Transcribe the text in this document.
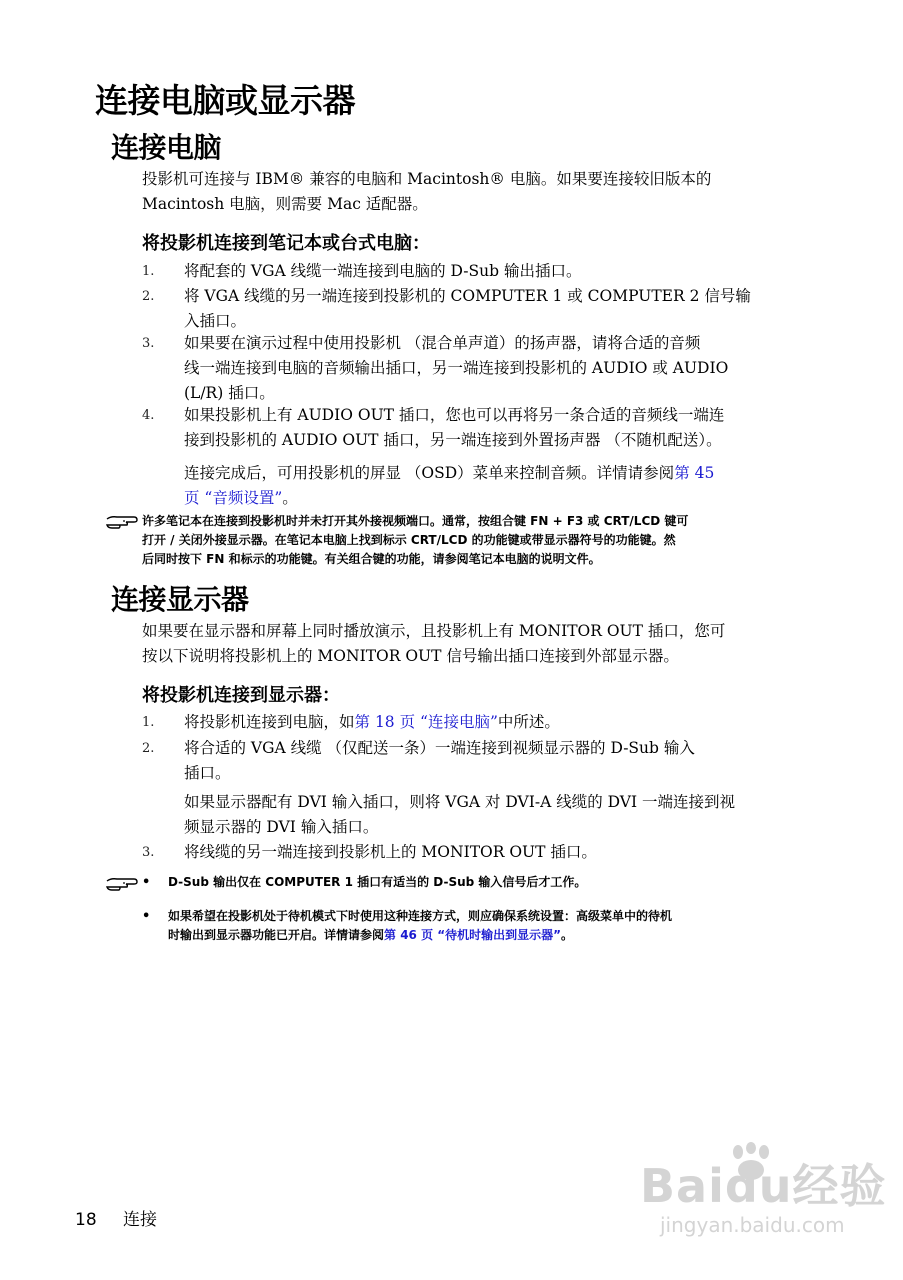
连接电脑或显示器
连接电脑
投影机可连接与 IBM® 兼容的电脑和 Macintosh® 电脑。如果要连接较旧版本的
Macintosh 电脑，则需要 Mac 适配器。
将投影机连接到笔记本或台式电脑：
1. 将配套的 VGA 线缆一端连接到电脑的 D-Sub 输出插口。
2. 将 VGA 线缆的另一端连接到投影机的 COMPUTER 1 或 COMPUTER 2 信号输
入插口。
3. 如果要在演示过程中使用投影机 （混合单声道）的扬声器，请将合适的音频
线一端连接到电脑的音频输出插口，另一端连接到投影机的 AUDIO 或 AUDIO
(L/R) 插口。
4. 如果投影机上有 AUDIO OUT 插口，您也可以再将另一条合适的音频线一端连
接到投影机的 AUDIO OUT 插口，另一端连接到外置扬声器 （不随机配送）。
连接完成后，可用投影机的屏显 （OSD）菜单来控制音频。详情请参阅第 45
页 “音频设置”。
许多笔记本在连接到投影机时并未打开其外接视频端口。通常，按组合键 FN + F3 或 CRT/LCD 键可
打开 / 关闭外接显示器。在笔记本电脑上找到标示 CRT/LCD 的功能键或带显示器符号的功能键。然
后同时按下 FN 和标示的功能键。有关组合键的功能，请参阅笔记本电脑的说明文件。
连接显示器
如果要在显示器和屏幕上同时播放演示，且投影机上有 MONITOR OUT 插口，您可
按以下说明将投影机上的 MONITOR OUT 信号输出插口连接到外部显示器。
将投影机连接到显示器：
1. 将投影机连接到电脑，如第 18 页 “连接电脑”中所述。
2. 将合适的 VGA 线缆 （仅配送一条）一端连接到视频显示器的 D-Sub 输入
插口。
如果显示器配有 DVI 输入插口，则将 VGA 对 DVI-A 线缆的 DVI 一端连接到视
频显示器的 DVI 输入插口。
3. 将线缆的另一端连接到投影机上的 MONITOR OUT 插口。
• D-Sub 输出仅在 COMPUTER 1 插口有适当的 D-Sub 输入信号后才工作。
• 如果希望在投影机处于待机模式下时使用这种连接方式，则应确保系统设置：高级菜单中的待机
时输出到显示器功能已开启。详情请参阅第 46 页 “待机时输出到显示器”。
18 连接
Baidu经验
jingyan.baidu.com
